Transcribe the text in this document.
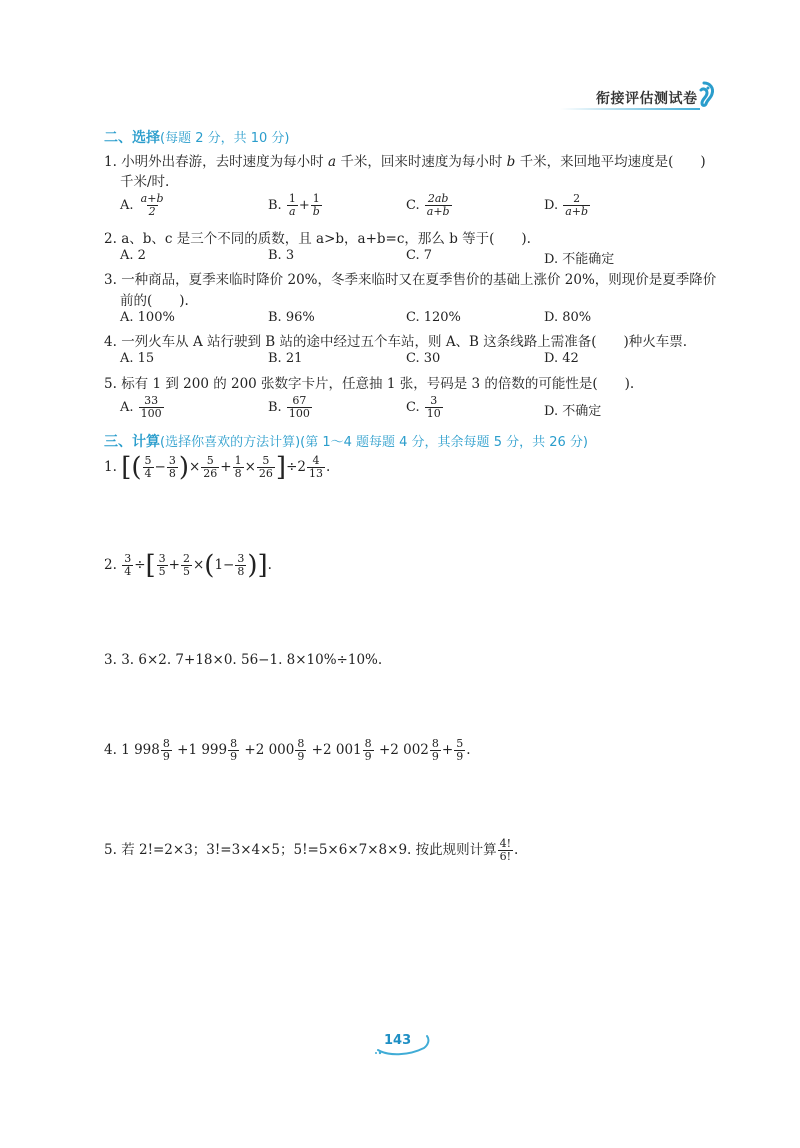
衔接评估测试卷
二、选择(每题 2 分，共 10 分)
1. 小明外出春游，去时速度为每小时 a 千米，回来时速度为每小时 b 千米，来回地平均速度是(　　)
千米/时.
A. $\frac{a+b}{2}$	B. $\frac{1}{a} + \frac{1}{b}$	C. $\frac{2ab}{a+b}$	D. $\frac{2}{a+b}$
2. a、b、c 是三个不同的质数，且 a>b，a+b=c，那么 b 等于(　　).
A. 2	B. 3	C. 7	D. 不能确定
3. 一种商品，夏季来临时降价 20%，冬季来临时又在夏季售价的基础上涨价 20%，则现价是夏季降价
前的(　　).
A. 100%	B. 96%	C. 120%	D. 80%
4. 一列火车从 A 站行驶到 B 站的途中经过五个车站，则 A、B 这条线路上需准备(　　)种火车票.
A. 15	B. 21	C. 30	D. 42
5. 标有 1 到 200 的 200 张数字卡片，任意抽 1 张，号码是 3 的倍数的可能性是(　　).
A. $\frac{33}{100}$	B. $\frac{67}{100}$	C. $\frac{3}{10}$	D. 不确定
三、计算(选择你喜欢的方法计算)(第 1～4 题每题 4 分，其余每题 5 分，共 26 分)
1. [( $\frac{5}{4} - \frac{3}{8}$ )× $\frac{5}{26} + \frac{1}{8} \times \frac{5}{26} ]\div 2 \frac{4}{13}$ .
2. $\frac{3}{4}$ ÷[ $\frac{3}{5} + \frac{2}{5} \times(1- \frac{3}{8}$ )].
3. 3. 6×2. 7+18×0. 56−1. 8×10%÷10%.
4. 1 $998 \frac{8}{9} +1$ $999 \frac{8}{9} +2$ $000 \frac{8}{9} +2$ $001 \frac{8}{9} +2$ $002 \frac{8}{9} + \frac{5}{9}$ .
5. 若 2!=2×3；3!=3×4×5；5!=5×6×7×8×9. 按此规则计算 $\frac{4!}{6!}$ .
143
